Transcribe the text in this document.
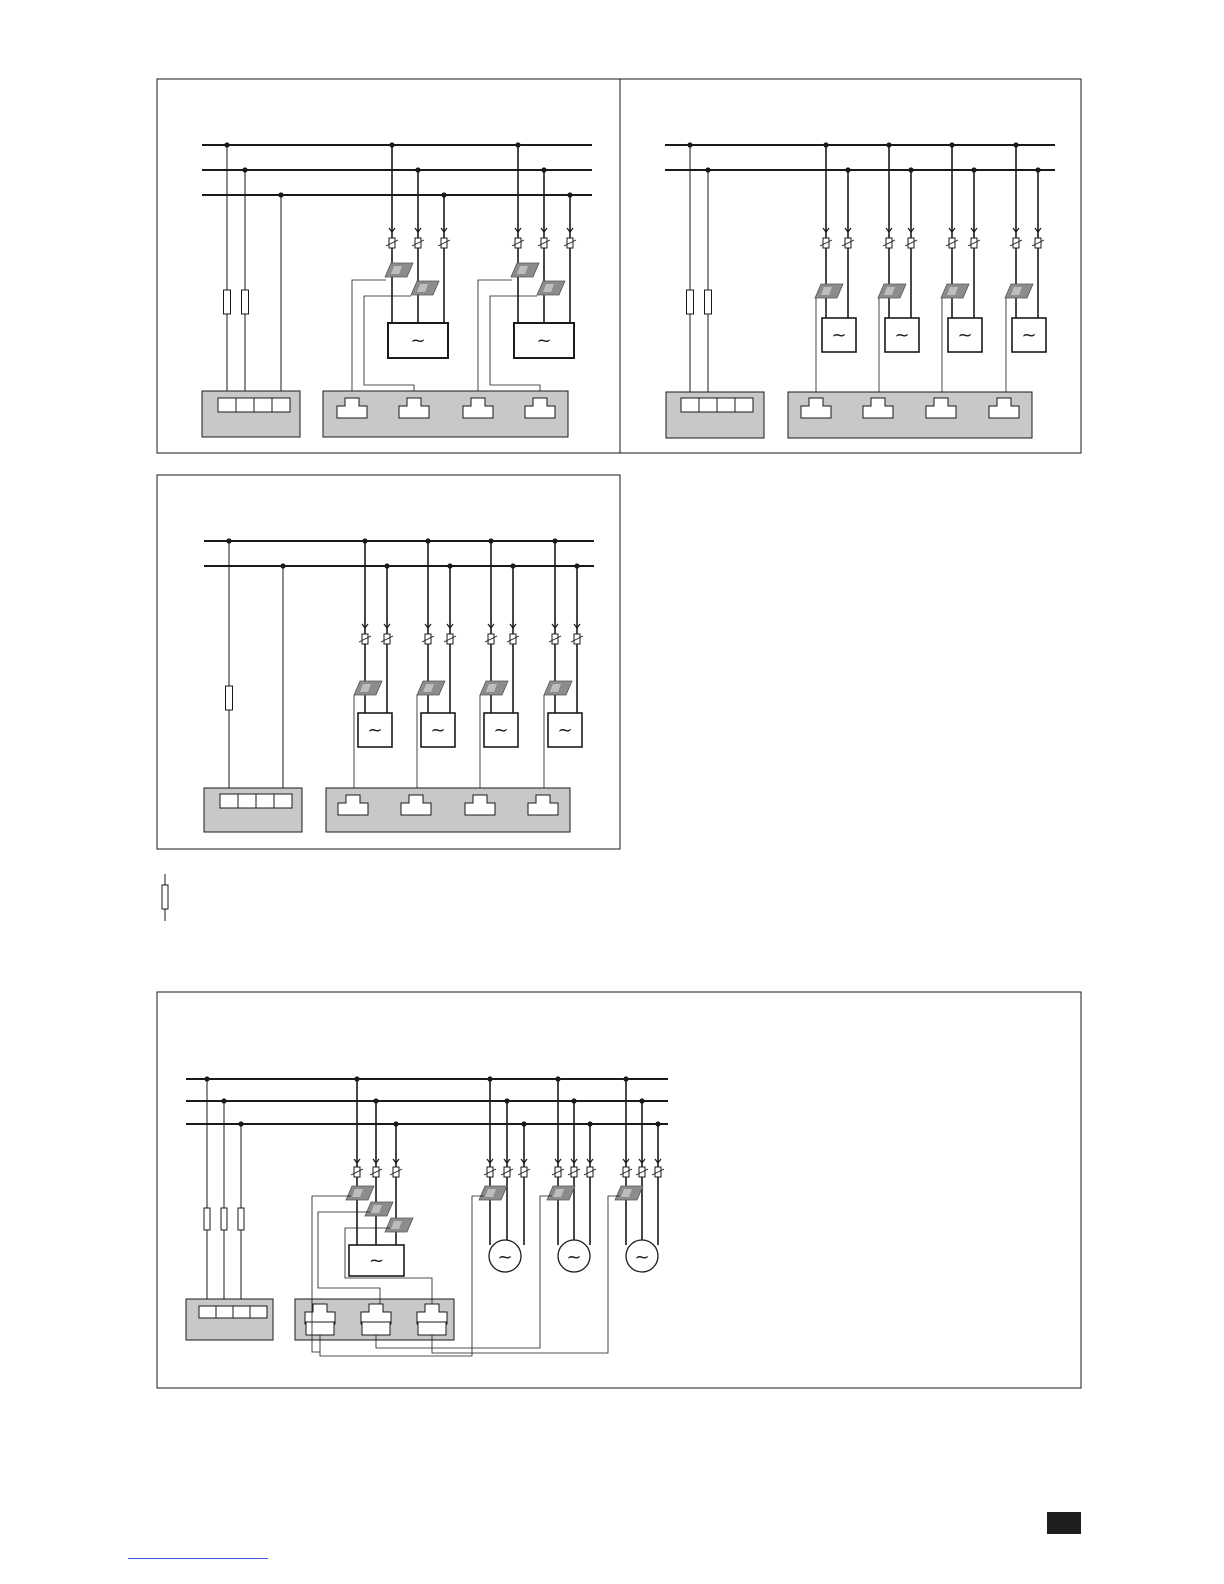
~	~	~	~	~	~
~	~	~	~
~	~	~	~
